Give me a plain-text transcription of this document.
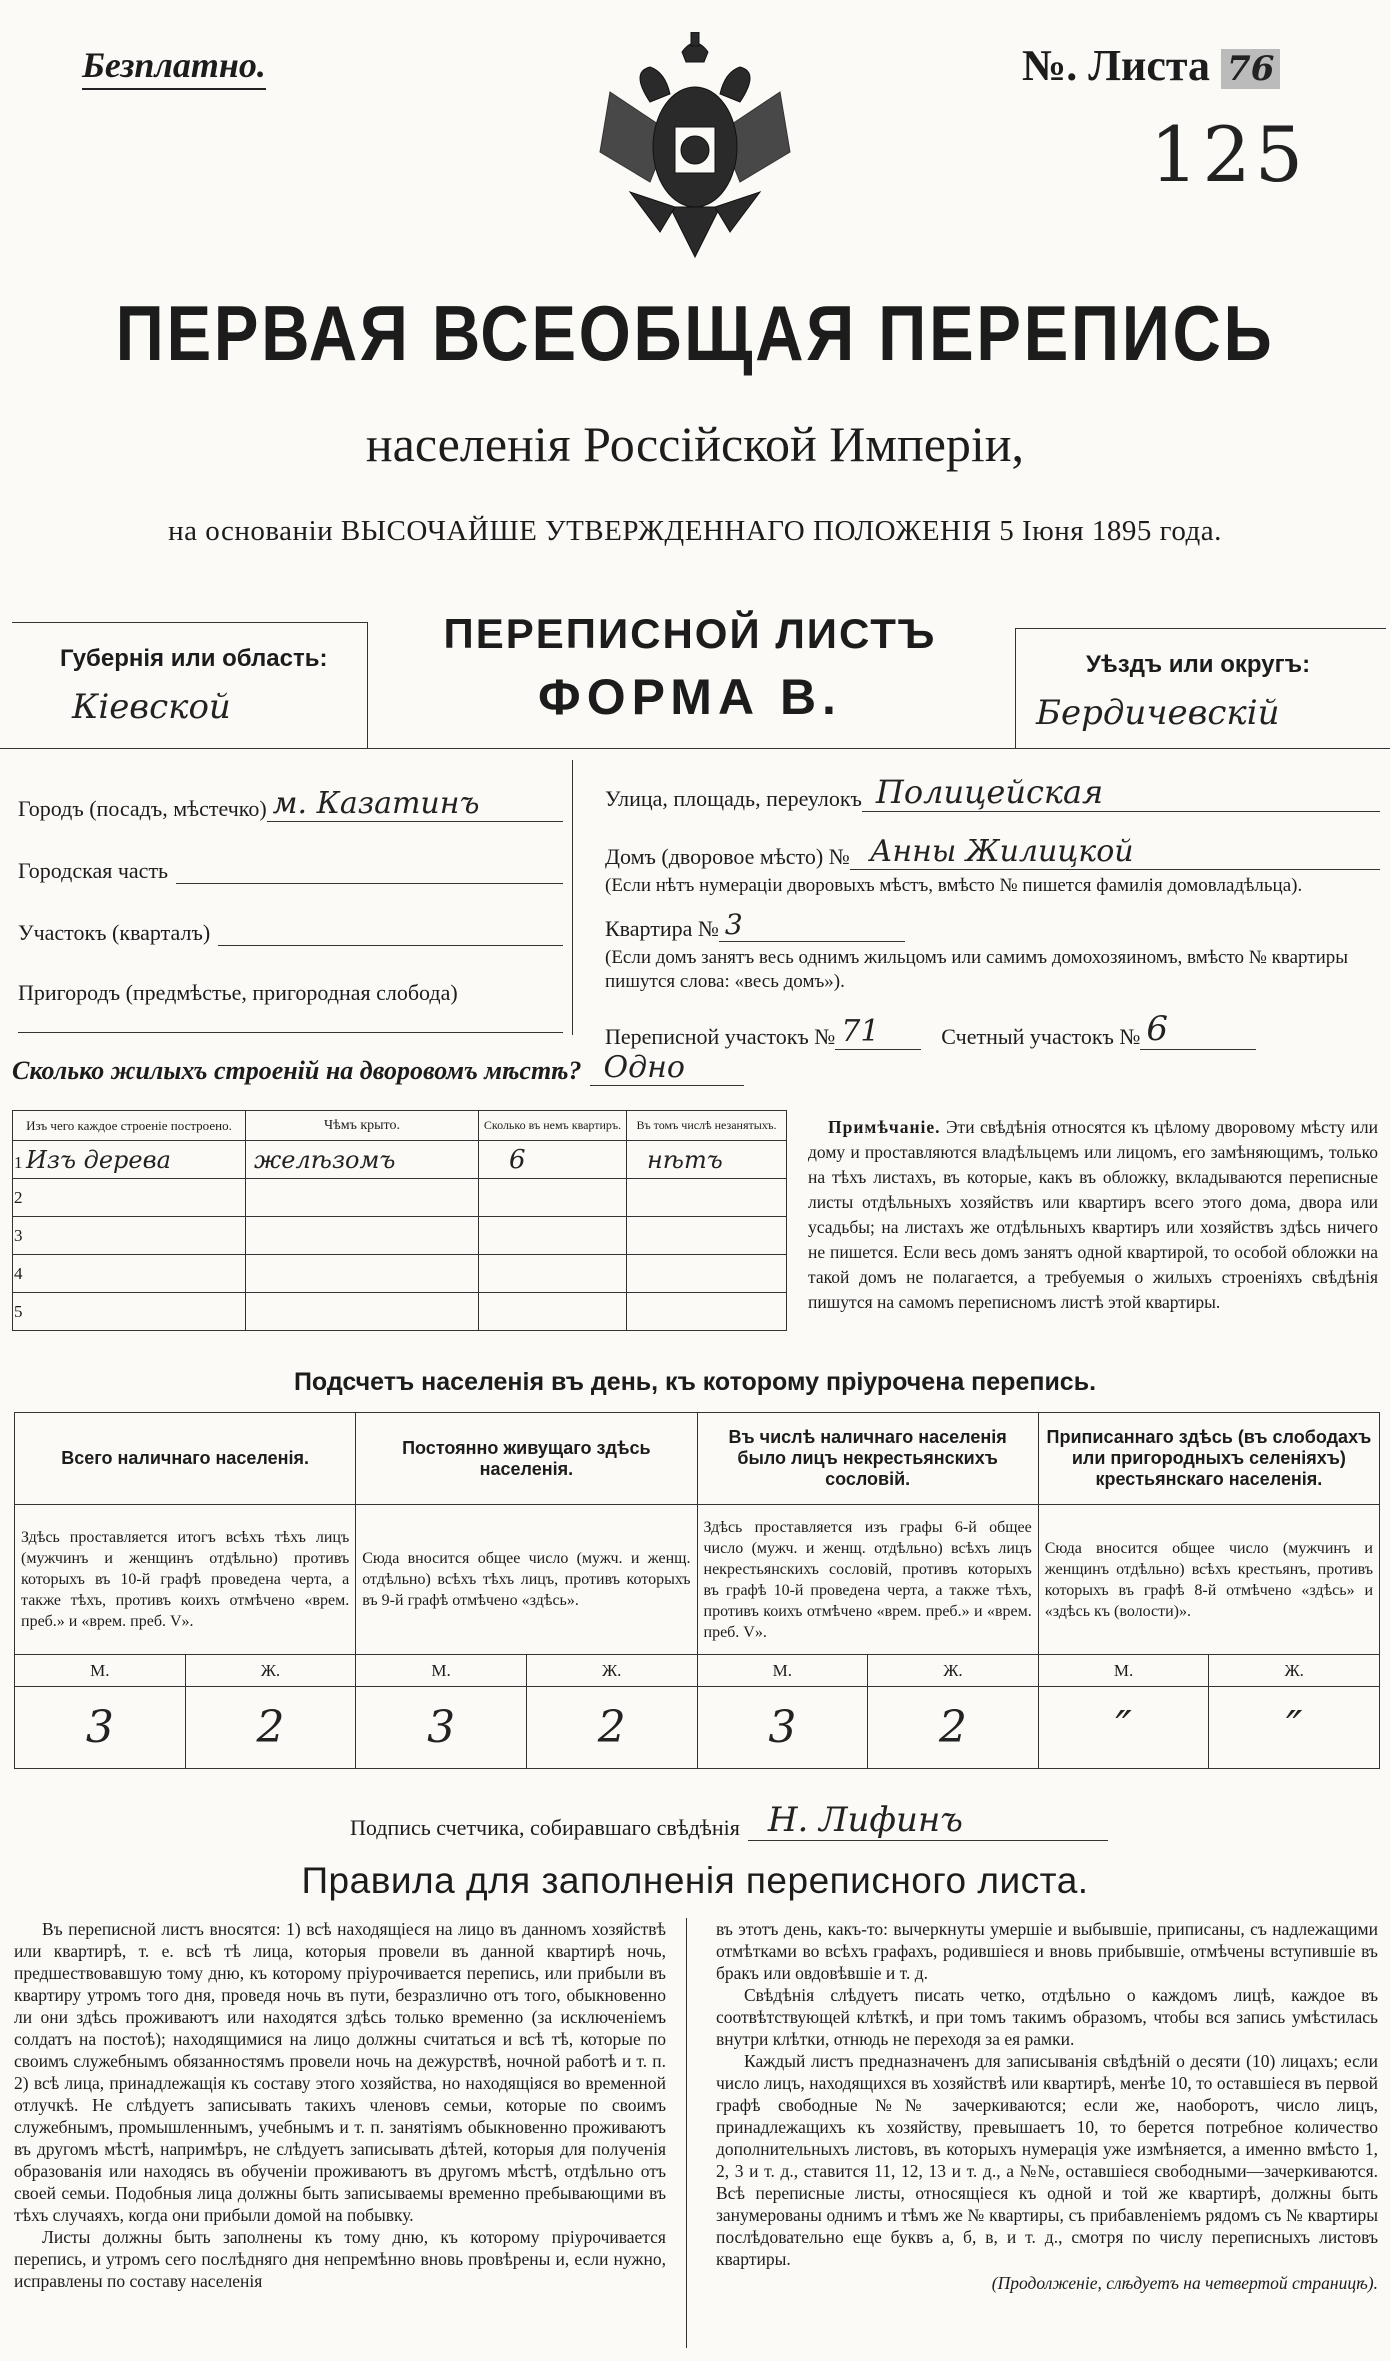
Безплатно.	№. Листа 76
125
ПЕРВАЯ ВСЕОБЩАЯ ПЕРЕПИСЬ
населенія Россійской Имперіи,
на основаніи ВЫСОЧАЙШЕ УТВЕРЖДЕННАГО ПОЛОЖЕНІЯ 5 Іюня 1895 года.
Губернія или область:
Кіевской
ПЕРЕПИСНОЙ ЛИСТЪ
ФОРМА В.
Уѣздъ или округъ:
Бердичевскій
Городъ (посадъ, мѣстечко) м. Казатинъ
Городская часть
Участокъ (кварталъ)
Пригородъ (предмѣстье, пригородная слобода)
Улица, площадь, переулокъ Полицейская
Домъ (дворовое мѣсто) № Анны Жилицкой
(Если нѣтъ нумераціи дворовыхъ мѣстъ, вмѣсто № пишется фамилія домовладѣльца).
Квартира № 3
(Если домъ занятъ весь однимъ жильцомъ или самимъ домохозяиномъ, вмѣсто № квартиры пишутся слова: «весь домъ»).
Переписной участокъ № 71	Счетный участокъ № 6
Сколько жилыхъ строеній на дворовомъ мѣстѣ? Одно
Изъ чего каждое строеніе построено.	Чѣмъ крыто.	Сколько въ немъ квартиръ.	Въ томъ числѣ незанятыхъ.
1 Изъ дерева	желѣзомъ	6	нѣтъ
2			
3			
4			
5			
Примѣчаніе. Эти свѣдѣнія относятся къ цѣлому дворовому мѣсту или дому и проставляются владѣльцемъ или лицомъ, его замѣняющимъ, только на тѣхъ листахъ, въ которые, какъ въ обложку, вкладываются переписные листы отдѣльныхъ хозяйствъ или квартиръ всего этого дома, двора или усадьбы; на листахъ же отдѣльныхъ квартиръ или хозяйствъ здѣсь ничего не пишется. Если весь домъ занятъ одной квартирой, то особой обложки на такой домъ не полагается, а требуемыя о жилыхъ строеніяхъ свѣдѣнія пишутся на самомъ переписномъ листѣ этой квартиры.
Подсчетъ населенія въ день, къ которому пріурочена перепись.
Всего наличнаго населенія.		Постоянно живущаго здѣсь населенія.		Въ числѣ наличнаго населенія было лицъ некрестьянскихъ сословій.		Приписаннаго здѣсь (въ слободахъ или пригородныхъ селеніяхъ) крестьянскаго населенія.	
Здѣсь проставляется итогъ всѣхъ тѣхъ лицъ (мужчинъ и женщинъ отдѣльно) противъ которыхъ въ 10-й графѣ проведена черта, а также тѣхъ, противъ коихъ отмѣчено «врем. преб.» и «врем. преб. V».		Сюда вносится общее число (мужч. и женщ. отдѣльно) всѣхъ тѣхъ лицъ, противъ которыхъ въ 9-й графѣ отмѣчено «здѣсь».		Здѣсь проставляется изъ графы 6-й общее число (мужч. и женщ. отдѣльно) всѣхъ лицъ некрестьянскихъ сословій, противъ которыхъ въ графѣ 10-й проведена черта, а также тѣхъ, противъ коихъ отмѣчено «врем. преб.» и «врем. преб. V».		Сюда вносится общее число (мужчинъ и женщинъ отдѣльно) всѣхъ крестьянъ, противъ которыхъ въ графѣ 8-й отмѣчено «здѣсь» и «здѣсь къ (волости)».	
М.	Ж.	М.	Ж.	М.	Ж.	М.	Ж.
3	2	3	2	3	2	″	″
Подпись счетчика, собиравшаго свѣдѣнія Н. Лифинъ
Правила для заполненія переписного листа.

Въ переписной листъ вносятся: 1) всѣ находящіеся на лицо въ данномъ хозяйствѣ или квартирѣ, т. е. всѣ тѣ лица, которыя провели въ данной квартирѣ ночь, предшествовавшую тому дню, къ которому пріурочивается перепись, или прибыли въ квартиру утромъ того дня, проведя ночь въ пути, безразлично отъ того, обыкновенно ли они здѣсь проживаютъ или находятся здѣсь только временно (за исключеніемъ солдатъ на постоѣ); находящимися на лицо должны считаться и всѣ тѣ, которые по своимъ служебнымъ обязанностямъ провели ночь на дежурствѣ, ночной работѣ и т. п. 2) всѣ лица, принадлежащія къ составу этого хозяйства, но находящіяся во временной отлучкѣ. Не слѣдуетъ записывать такихъ членовъ семьи, которые по своимъ служебнымъ, промышленнымъ, учебнымъ и т. п. занятіямъ обыкновенно проживаютъ въ другомъ мѣстѣ, напримѣръ, не слѣдуетъ записывать дѣтей, которыя для полученія образованія или находясь въ обученіи проживаютъ въ другомъ мѣстѣ, отдѣльно отъ своей семьи. Подобныя лица должны быть записываемы временно пребывающими въ тѣхъ случаяхъ, когда они прибыли домой на побывку.

Листы должны быть заполнены къ тому дню, къ которому пріурочивается перепись, и утромъ сего послѣдняго дня непремѣнно вновь провѣрены и, если нужно, исправлены по составу населенія

въ этотъ день, какъ-то: вычеркнуты умершіе и выбывшіе, приписаны, съ надлежащими отмѣтками во всѣхъ графахъ, родившіеся и вновь прибывшіе, отмѣчены вступившіе въ бракъ или овдовѣвшіе и т. д.

Свѣдѣнія слѣдуетъ писать четко, отдѣльно о каждомъ лицѣ, каждое въ соотвѣтствующей клѣткѣ, и при томъ такимъ образомъ, чтобы вся запись умѣстилась внутри клѣтки, отнюдь не переходя за ея рамки.

Каждый листъ предназначенъ для записыванія свѣдѣній о десяти (10) лицахъ; если число лицъ, находящихся въ хозяйствѣ или квартирѣ, менѣе 10, то оставшіеся въ первой графѣ свободные №№ зачеркиваются; если же, наоборотъ, число лицъ, принадлежащихъ къ хозяйству, превышаетъ 10, то берется потребное количество дополнительныхъ листовъ, въ которыхъ нумерація уже измѣняется, а именно вмѣсто 1, 2, 3 и т. д., ставится 11, 12, 13 и т. д., а №№, оставшіеся свободными—зачеркиваются. Всѣ переписные листы, относящіеся къ одной и той же квартирѣ, должны быть занумерованы однимъ и тѣмъ же № квартиры, съ прибавленіемъ рядомъ съ № квартиры послѣдовательно еще буквъ а, б, в, и т. д., смотря по числу переписныхъ листовъ квартиры.

(Продолженіе, слѣдуетъ на четвертой страницѣ).
